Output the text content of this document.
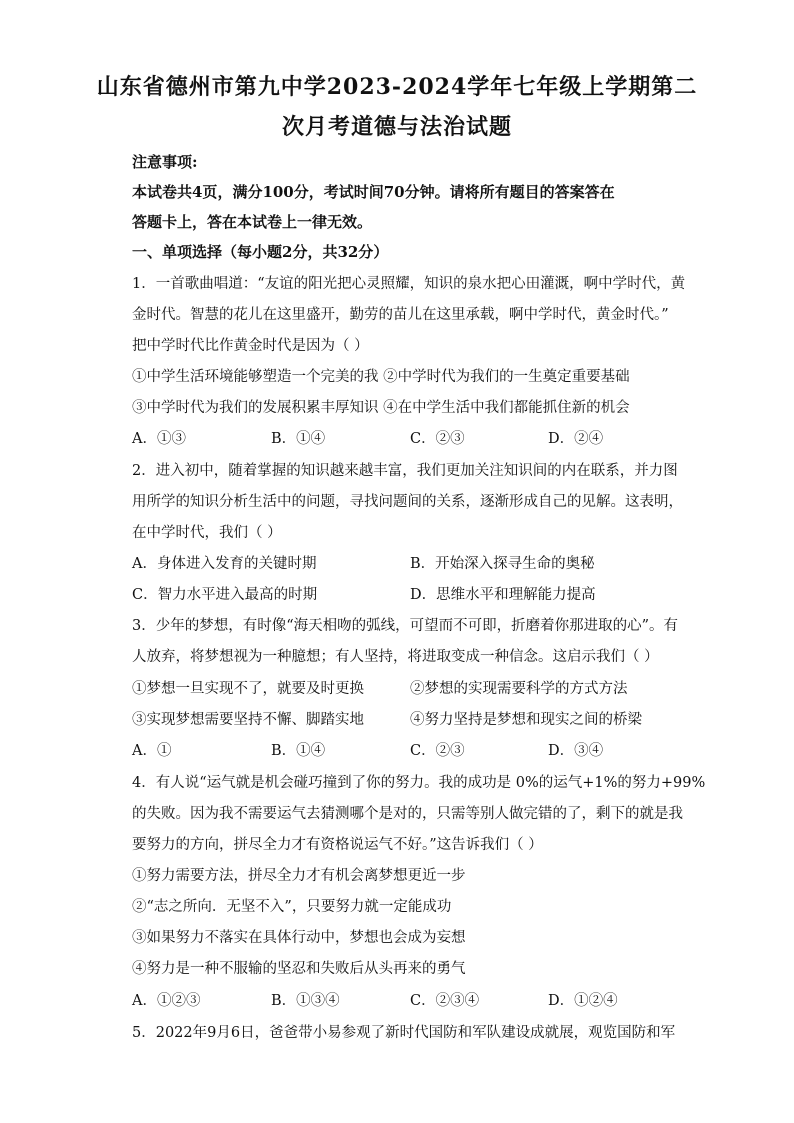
山东省德州市第九中学2023-2024学年七年级上学期第二
次月考道德与法治试题
注意事项:
本试卷共4页，满分100分，考试时间70分钟。请将所有题目的答案答在
答题卡上，答在本试卷上一律无效。
一、单项选择（每小题2分，共32分）
1．一首歌曲唱道：“友谊的阳光把心灵照耀，知识的泉水把心田灌溉，啊中学时代，黄
金时代。智慧的花儿在这里盛开，勤劳的苗儿在这里承载，啊中学时代，黄金时代。”
把中学时代比作黄金时代是因为（ ）
①中学生活环境能够塑造一个完美的我 ②中学时代为我们的一生奠定重要基础
③中学时代为我们的发展积累丰厚知识 ④在中学生活中我们都能抓住新的机会
A．①③	B．①④	C．②③	D．②④
2．进入初中，随着掌握的知识越来越丰富，我们更加关注知识间的内在联系，并力图
用所学的知识分析生活中的问题，寻找问题间的关系，逐渐形成自己的见解。这表明，
在中学时代，我们（ ）
A．身体进入发育的关键时期	B．开始深入探寻生命的奥秘
C．智力水平进入最高的时期	D．思维水平和理解能力提高
3．少年的梦想，有时像“海天相吻的弧线，可望而不可即，折磨着你那进取的心”。有
人放弃，将梦想视为一种臆想；有人坚持，将进取变成一种信念。这启示我们（ ）
①梦想一旦实现不了，就要及时更换	②梦想的实现需要科学的方式方法
③实现梦想需要坚持不懈、脚踏实地	④努力坚持是梦想和现实之间的桥梁
A．①	B．①④	C．②③	D．③④
4．有人说“运气就是机会碰巧撞到了你的努力。我的成功是 0%的运气+1%的努力+99%
的失败。因为我不需要运气去猜测哪个是对的，只需等别人做完错的了，剩下的就是我
要努力的方向，拼尽全力才有资格说运气不好。”这告诉我们（ ）
①努力需要方法，拼尽全力才有机会离梦想更近一步
②“志之所向．无坚不入”，只要努力就一定能成功
③如果努力不落实在具体行动中，梦想也会成为妄想
④努力是一种不服输的坚忍和失败后从头再来的勇气
A．①②③	B．①③④	C．②③④	D．①②④
5．2022年9月6日，爸爸带小易参观了新时代国防和军队建设成就展，观览国防和军
